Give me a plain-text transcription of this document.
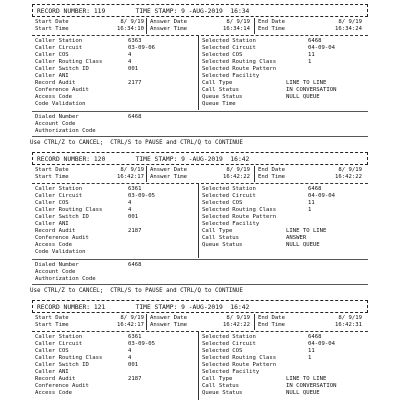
RECORD NUMBER: 119	TIME STAMP: 9 -AUG-2019  16:34
Start Date	8/ 9/19 Answer Date	8/ 9/19 End Date	8/ 9/19
Start Time	16:34:10 Answer Time	16:34:14 End Time	16:34:24
Caller Station	6363	Selected Station	6468
Caller Circuit	03-09-06	Selected Circuit	04-09-04
Caller COS	4	Selected COS	11
Caller Routing Class	4	Selected Routing Class	1
Caller Switch ID	001	Selected Route Pattern
Caller ANI	Selected Facility
Record Audit	2177	Call Type	LINE TO LINE
Conference Audit	Call Status	IN CONVERSATION
Access Code	Queue Status	NULL QUEUE
Code Validation	Queue Time
Dialed Number	6468
Account Code
Authorization Code
Use CTRL/Z to CANCEL;  CTRL/S to PAUSE and CTRL/Q to CONTINUE
RECORD NUMBER: 120	TIME STAMP: 9 -AUG-2019  16:42
Start Date	8/ 9/19 Answer Date	8/ 9/19 End Date	8/ 9/19
Start Time	16:42:17 Answer Time	16:42:22 End Time	16:42:22
Caller Station	6361	Selected Station	6468
Caller Circuit	03-09-05	Selected Circuit	04-09-04
Caller COS	4	Selected COS	11
Caller Routing Class	4	Selected Routing Class	1
Caller Switch ID	001	Selected Route Pattern
Caller ANI	Selected Facility
Record Audit	2187	Call Type	LINE TO LINE
Conference Audit	Call Status	ANSWER
Access Code	Queue Status	NULL QUEUE
Code Validation
Dialed Number	6468
Account Code
Authorization Code
Use CTRL/Z to CANCEL;  CTRL/S to PAUSE and CTRL/Q to CONTINUE
RECORD NUMBER: 121	TIME STAMP: 9 -AUG-2019  16:42
Start Date	8/ 9/19 Answer Date	8/ 9/19 End Date	8/ 9/19
Start Time	16:42:17 Answer Time	16:42:22 End Time	16:42:31
Caller Station	6361	Selected Station	6468
Caller Circuit	03-09-05	Selected Circuit	04-09-04
Caller COS	4	Selected COS	11
Caller Routing Class	4	Selected Routing Class	1
Caller Switch ID	001	Selected Route Pattern
Caller ANI	Selected Facility
Record Audit	2187	Call Type	LINE TO LINE
Conference Audit	Call Status	IN CONVERSATION
Access Code	Queue Status	NULL QUEUE
